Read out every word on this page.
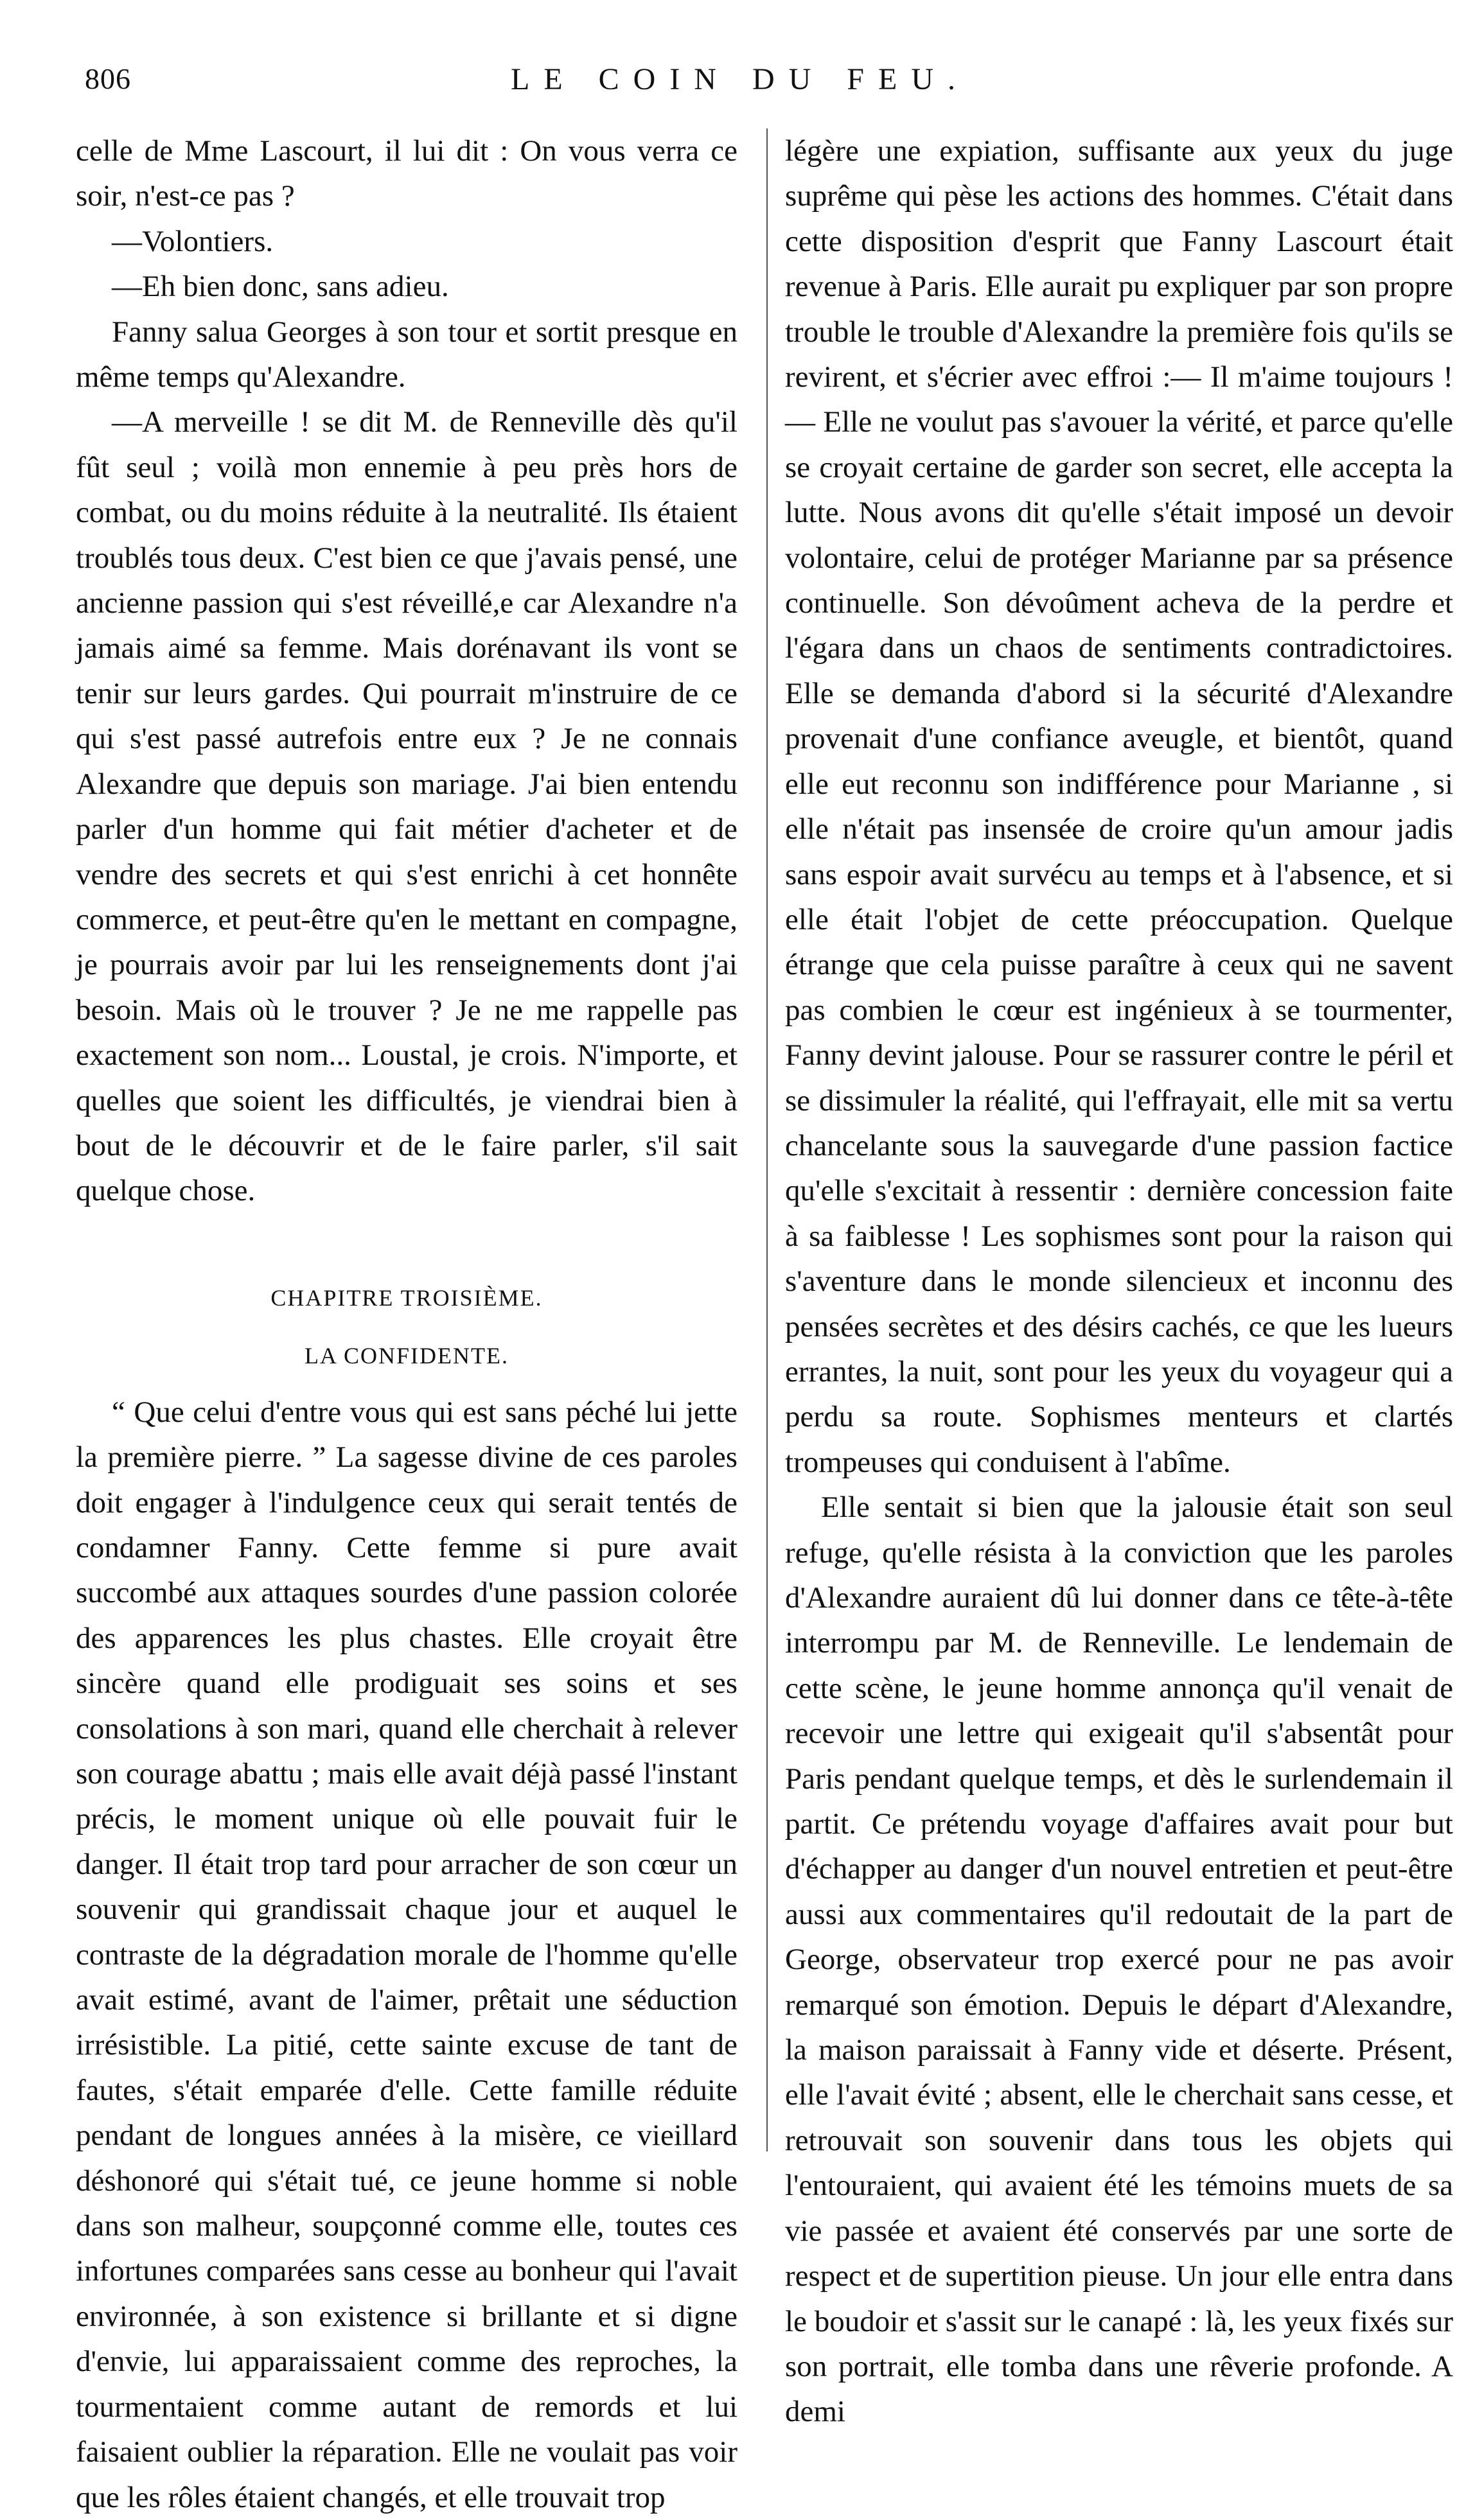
806	LE COIN DU FEU.

celle de Mme Lascourt, il lui dit : On vous verra ce soir, n'est-ce pas ?

—Volontiers.

—Eh bien donc, sans adieu.

Fanny salua Georges à son tour et sortit presque en même temps qu'Alexandre.

—A merveille ! se dit M. de Renneville dès qu'il fût seul ; voilà mon ennemie à peu près hors de combat, ou du moins réduite à la neutralité. Ils étaient troublés tous deux. C'est bien ce que j'avais pensé, une ancienne passion qui s'est réveillé,e car Alexandre n'a jamais aimé sa femme. Mais dorénavant ils vont se tenir sur leurs gardes. Qui pourrait m'instruire de ce qui s'est passé autrefois entre eux ? Je ne connais Alexandre que depuis son mariage. J'ai bien entendu parler d'un homme qui fait métier d'acheter et de vendre des secrets et qui s'est enrichi à cet honnête commerce, et peut-être qu'en le mettant en compagne, je pourrais avoir par lui les renseignements dont j'ai besoin. Mais où le trouver ? Je ne me rappelle pas exactement son nom... Loustal, je crois. N'importe, et quelles que soient les difficultés, je viendrai bien à bout de le découvrir et de le faire parler, s'il sait quelque chose.

CHAPITRE TROISIÈME.
LA CONFIDENTE.

“ Que celui d'entre vous qui est sans péché lui jette la première pierre. ” La sagesse divine de ces paroles doit engager à l'indulgence ceux qui serait tentés de condamner Fanny. Cette femme si pure avait succombé aux attaques sourdes d'une passion colorée des apparences les plus chastes. Elle croyait être sincère quand elle prodiguait ses soins et ses consolations à son mari, quand elle cherchait à relever son courage abattu ; mais elle avait déjà passé l'instant précis, le moment unique où elle pouvait fuir le danger. Il était trop tard pour arracher de son cœur un souvenir qui grandissait chaque jour et auquel le contraste de la dégradation morale de l'homme qu'elle avait estimé, avant de l'aimer, prêtait une séduction irrésistible. La pitié, cette sainte excuse de tant de fautes, s'était emparée d'elle. Cette famille réduite pendant de longues années à la misère, ce vieillard déshonoré qui s'était tué, ce jeune homme si noble dans son malheur, soupçonné comme elle, toutes ces infortunes comparées sans cesse au bonheur qui l'avait environnée, à son existence si brillante et si digne d'envie, lui apparaissaient comme des reproches, la tourmentaient comme autant de remords et lui faisaient oublier la réparation. Elle ne voulait pas voir que les rôles étaient changés, et elle trouvait trop

légère une expiation, suffisante aux yeux du juge suprême qui pèse les actions des hommes. C'était dans cette disposition d'esprit que Fanny Lascourt était revenue à Paris. Elle aurait pu expliquer par son propre trouble le trouble d'Alexandre la première fois qu'ils se revirent, et s'écrier avec effroi :— Il m'aime toujours ! — Elle ne voulut pas s'avouer la vérité, et parce qu'elle se croyait certaine de garder son secret, elle accepta la lutte. Nous avons dit qu'elle s'était imposé un devoir volontaire, celui de protéger Marianne par sa présence continuelle. Son dévoûment acheva de la perdre et l'égara dans un chaos de sentiments contradictoires. Elle se demanda d'abord si la sécurité d'Alexandre provenait d'une confiance aveugle, et bientôt, quand elle eut reconnu son indifférence pour Marianne , si elle n'était pas insensée de croire qu'un amour jadis sans espoir avait survécu au temps et à l'absence, et si elle était l'objet de cette préoccupation. Quelque étrange que cela puisse paraître à ceux qui ne savent pas combien le cœur est ingénieux à se tourmenter, Fanny devint jalouse. Pour se rassurer contre le péril et se dissimuler la réalité, qui l'effrayait, elle mit sa vertu chancelante sous la sauvegarde d'une passion factice qu'elle s'excitait à ressentir : dernière concession faite à sa faiblesse ! Les sophismes sont pour la raison qui s'aventure dans le monde silencieux et inconnu des pensées secrètes et des désirs cachés, ce que les lueurs errantes, la nuit, sont pour les yeux du voyageur qui a perdu sa route. Sophismes menteurs et clartés trompeuses qui conduisent à l'abîme.

Elle sentait si bien que la jalousie était son seul refuge, qu'elle résista à la conviction que les paroles d'Alexandre auraient dû lui donner dans ce tête-à-tête interrompu par M. de Renneville. Le lendemain de cette scène, le jeune homme annonça qu'il venait de recevoir une lettre qui exigeait qu'il s'absentât pour Paris pendant quelque temps, et dès le surlendemain il partit. Ce prétendu voyage d'affaires avait pour but d'échapper au danger d'un nouvel entretien et peut-être aussi aux commentaires qu'il redoutait de la part de George, observateur trop exercé pour ne pas avoir remarqué son émotion. Depuis le départ d'Alexandre, la maison paraissait à Fanny vide et déserte. Présent, elle l'avait évité ; absent, elle le cherchait sans cesse, et retrouvait son souvenir dans tous les objets qui l'entouraient, qui avaient été les témoins muets de sa vie passée et avaient été conservés par une sorte de respect et de supertition pieuse. Un jour elle entra dans le boudoir et s'assit sur le canapé : là, les yeux fixés sur son portrait, elle tomba dans une rêverie profonde. A demi
